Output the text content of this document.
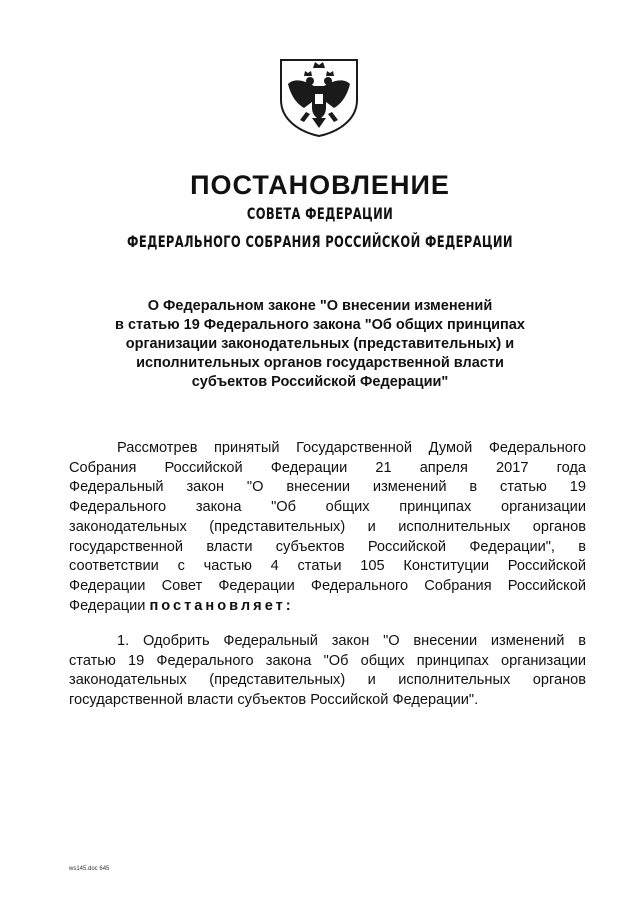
ПОСТАНОВЛЕНИЕ

СОВЕТА ФЕДЕРАЦИИ

ФЕДЕРАЛЬНОГО СОБРАНИЯ РОССИЙСКОЙ ФЕДЕРАЦИИ

О Федеральном законе "О внесении изменений
в статью 19 Федерального закона "Об общих принципах
организации законодательных (представительных) и
исполнительных органов государственной власти
субъектов Российской Федерации"
Рассмотрев принятый Государственной Думой Федерального
Собрания Российской Федерации 21 апреля 2017 года
Федеральный закон "О внесении изменений в статью 19
Федерального закона "Об общих принципах организации
законодательных (представительных) и исполнительных органов
государственной власти субъектов Российской Федерации", в
соответствии с частью 4 статьи 105 Конституции Российской
Федерации Совет Федерации Федерального Собрания Российской
Федерации постановляет:
1. Одобрить Федеральный закон "О внесении изменений в
статью 19 Федерального закона "Об общих принципах организации
законодательных (представительных) и исполнительных органов
государственной власти субъектов Российской Федерации".

ws145.doc 645
